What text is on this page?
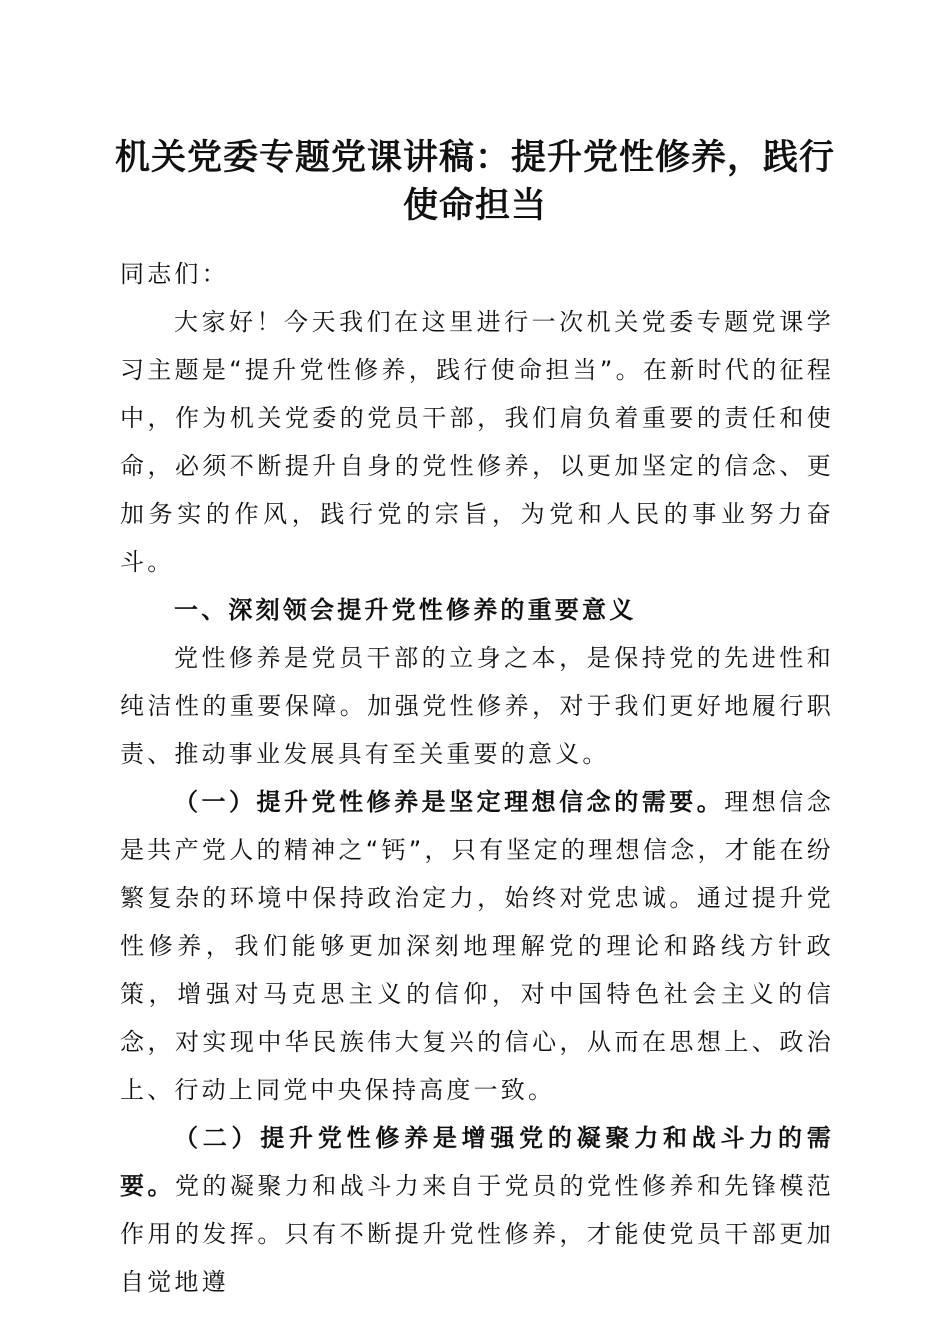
机关党委专题党课讲稿：提升党性修养，践行
使命担当

同志们：

大家好！今天我们在这里进行一次机关党委专题党课学习主题是“提升党性修养，践行使命担当”。在新时代的征程中，作为机关党委的党员干部，我们肩负着重要的责任和使命，必须不断提升自身的党性修养，以更加坚定的信念、更加务实的作风，践行党的宗旨，为党和人民的事业努力奋斗。

一、深刻领会提升党性修养的重要意义

党性修养是党员干部的立身之本，是保持党的先进性和纯洁性的重要保障。加强党性修养，对于我们更好地履行职责、推动事业发展具有至关重要的意义。

（一）提升党性修养是坚定理想信念的需要。理想信念是共产党人的精神之“钙”，只有坚定的理想信念，才能在纷繁复杂的环境中保持政治定力，始终对党忠诚。通过提升党性修养，我们能够更加深刻地理解党的理论和路线方针政策，增强对马克思主义的信仰，对中国特色社会主义的信念，对实现中华民族伟大复兴的信心，从而在思想上、政治上、行动上同党中央保持高度一致。

（二）提升党性修养是增强党的凝聚力和战斗力的需要。党的凝聚力和战斗力来自于党员的党性修养和先锋模范作用的发挥。只有不断提升党性修养，才能使党员干部更加自觉地遵
